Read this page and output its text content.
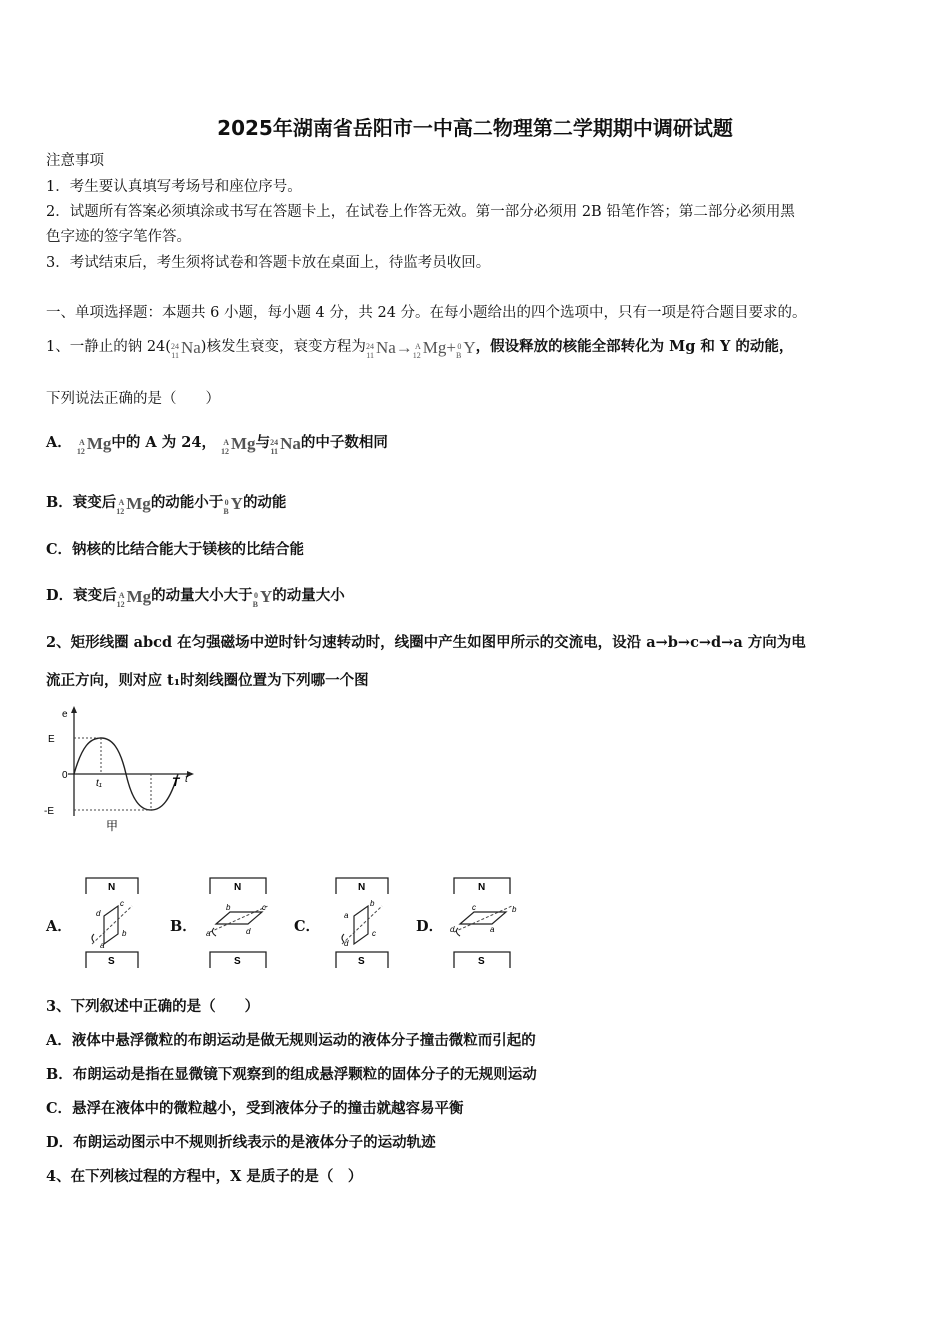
2025年湖南省岳阳市一中高二物理第二学期期中调研试题
注意事项
1．考生要认真填写考场号和座位序号。
2．试题所有答案必须填涂或书写在答题卡上，在试卷上作答无效。第一部分必须用 2B 铅笔作答；第二部分必须用黑
色字迹的签字笔作答。
3．考试结束后，考生须将试卷和答题卡放在桌面上，待监考员收回。
一、单项选择题：本题共 6 小题，每小题 4 分，共 24 分。在每小题给出的四个选项中，只有一项是符合题目要求的。
1、一静止的钠 24( 24
11 Na)核发生衰变，衰变方程为 24
11 Na→ A
12 Mg+ 0
B Y，假设释放的核能全部转化为 Mg 和 Y 的动能，
下列说法正确的是（　　）
A． A
12 Mg中的 A 为 24， A
12 Mg与 24
11 Na的中子数相同
B．衰变后 A
12 Mg的动能小于 0
B Y的动能
C．钠核的比结合能大于镁核的比结合能
D．衰变后 A
12 Mg的动量大小大于 0
B Y的动量大小
2、矩形线圈 abcd 在匀强磁场中逆时针匀速转动时，线圈中产生如图甲所示的交流电，设沿 a→b→c→d→a 方向为电
流正方向，则对应 t₁时刻线圈位置为下列哪一个图
e
E
0
-E
t₁	T t
甲
A．
N
S
d
c
a
b	B．
N
S
b	c
a	d	C．
N
S
b
a
d
c	D．
N
S
c	b
d	a
3、下列叙述中正确的是（　　）
A．液体中悬浮微粒的布朗运动是做无规则运动的液体分子撞击微粒而引起的
B．布朗运动是指在显微镜下观察到的组成悬浮颗粒的固体分子的无规则运动
C．悬浮在液体中的微粒越小，受到液体分子的撞击就越容易平衡
D．布朗运动图示中不规则折线表示的是液体分子的运动轨迹
4、在下列核过程的方程中，X 是质子的是（　）
